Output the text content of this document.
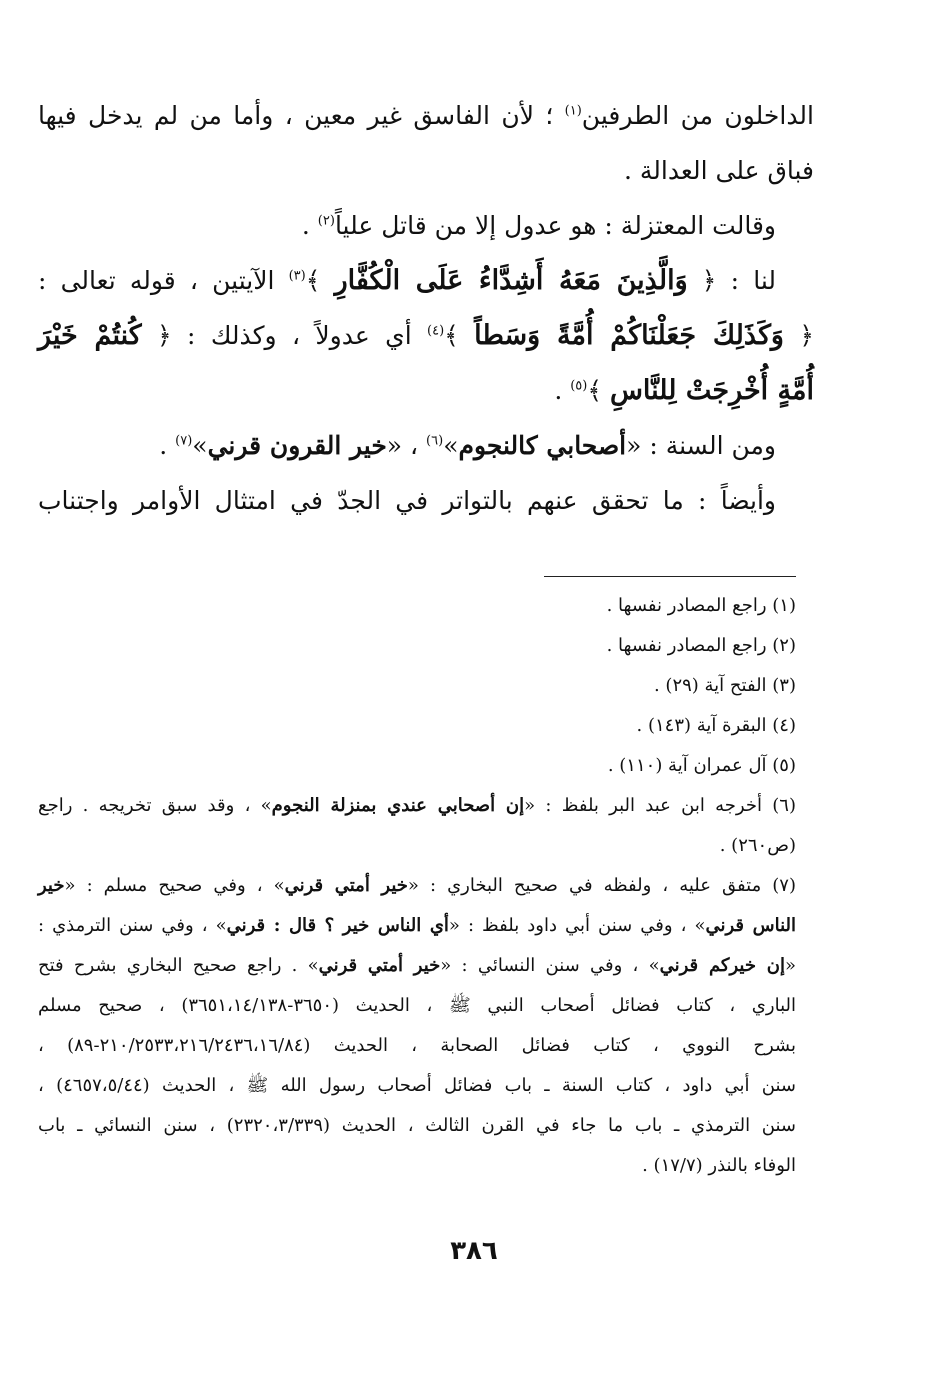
الداخلون من الطرفين$^{(١)}$ ؛ لأن الفاسق غير معين ، وأما من لم يدخل فيها
فباق على العدالة .
وقالت المعتزلة : هو عدول إلا من قاتل علياً$^{(٢)}$ .
لنا : ﴿ وَالَّذِينَ مَعَهُ أَشِدَّاءُ عَلَى الْكُفَّارِ ﴾$^{(٣)}$ الآيتين ، قوله تعالى :
﴿ وَكَذَلِكَ جَعَلْنَاكُمْ أُمَّةً وَسَطاً ﴾$^{(٤)}$ أي عدولاً ، وكذلك : ﴿ كُنتُمْ خَيْرَ
أُمَّةٍ أُخْرِجَتْ لِلنَّاسِ ﴾$^{(٥)}$ .
ومن السنة : «أصحابي كالنجوم»$^{(٦)}$ ، «خير القرون قرني»$^{(٧)}$ .
وأيضاً : ما تحقق عنهم بالتواتر في الجدّ في امتثال الأوامر واجتناب
(١) راجع المصادر نفسها .
(٢) راجع المصادر نفسها .
(٣) الفتح آية (٢٩) .
(٤) البقرة آية (١٤٣) .
(٥) آل عمران آية (١١٠) .
(٦) أخرجه ابن عبد البر بلفظ : «إن أصحابي عندي بمنزلة النجوم» ، وقد سبق تخريجه . راجع
(ص٢٦٠) .
(٧) متفق عليه ، ولفظه في صحيح البخاري : «خير أمتي قرني» ، وفي صحيح مسلم : «خير
الناس قرني» ، وفي سنن أبي داود بلفظ : «أي الناس خير ؟ قال : قرني» ، وفي سنن الترمذي :
«إن خيركم قرني» ، وفي سنن النسائي : «خير أمتي قرني» . راجع صحيح البخاري بشرح فتح
الباري ، كتاب فضائل أصحاب النبي ﷺ ، الحديث (٣٦٥٠-٣٦٥١،١٤/١٣٨) ، صحيح مسلم
بشرح النووي ، كتاب فضائل الصحابة ، الحديث (٢١٠/٢٥٣٣،٢١٦/٢٤٣٦،١٦/٨٤-٨٩) ،
سنن أبي داود ، كتاب السنة ـ باب فضائل أصحاب رسول الله ﷺ ، الحديث (٤٦٥٧،٥/٤٤) ،
سنن الترمذي ـ باب ما جاء في القرن الثالث ، الحديث (٢٣٢٠،٣/٣٣٩) ، سنن النسائي ـ باب
الوفاء بالنذر (١٧/٧) .
٣٨٦
